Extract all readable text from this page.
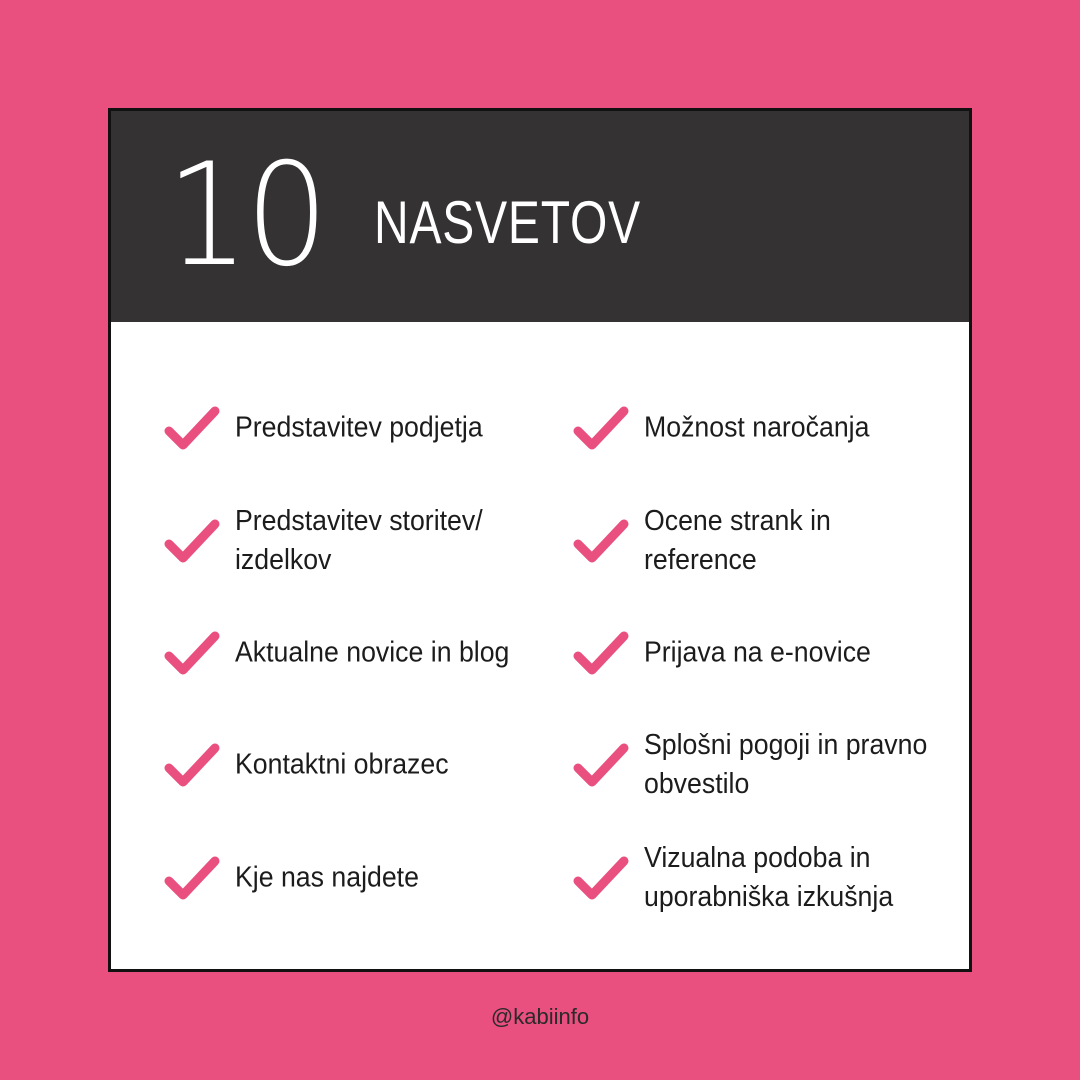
10 NASVETOV
Predstavitev podjetja
Predstavitev storitev/
izdelkov
Aktualne novice in blog
Kontaktni obrazec
Kje nas najdete
Možnost naročanja
Ocene strank in
reference
Prijava na e-novice
Splošni pogoji in pravno
obvestilo
Vizualna podoba in
uporabniška izkušnja
@kabiinfo
